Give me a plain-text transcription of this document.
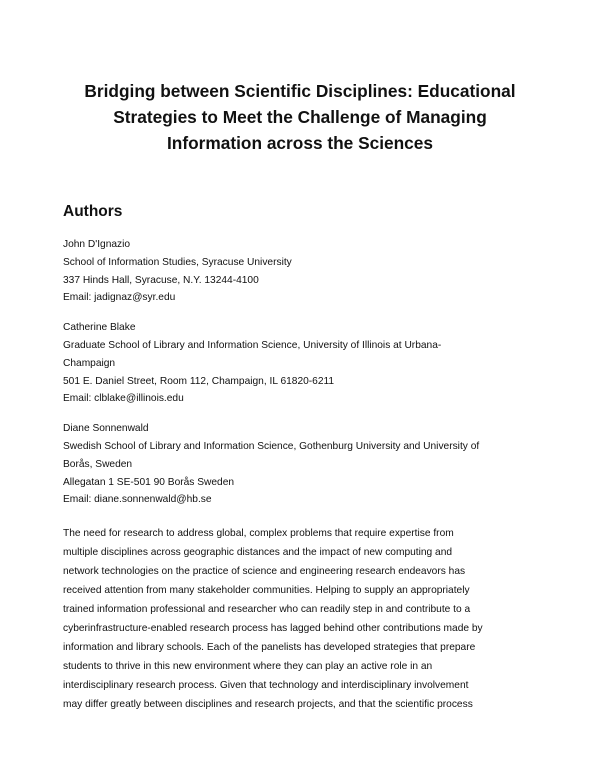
Bridging between Scientific Disciplines: Educational
Strategies to Meet the Challenge of Managing
Information across the Sciences
Authors
John D'Ignazio
School of Information Studies, Syracuse University
337 Hinds Hall, Syracuse, N.Y. 13244-4100
Email: jadignaz@syr.edu
Catherine Blake
Graduate School of Library and Information Science, University of Illinois at Urbana-
Champaign
501 E. Daniel Street, Room 112, Champaign, IL 61820-6211
Email: clblake@illinois.edu
Diane Sonnenwald
Swedish School of Library and Information Science, Gothenburg University and University of
Borås, Sweden
Allegatan 1 SE-501 90 Borås Sweden
Email: diane.sonnenwald@hb.se
The need for research to address global, complex problems that require expertise from
multiple disciplines across geographic distances and the impact of new computing and
network technologies on the practice of science and engineering research endeavors has
received attention from many stakeholder communities. Helping to supply an appropriately
trained information professional and researcher who can readily step in and contribute to a
cyberinfrastructure-enabled research process has lagged behind other contributions made by
information and library schools. Each of the panelists has developed strategies that prepare
students to thrive in this new environment where they can play an active role in an
interdisciplinary research process. Given that technology and interdisciplinary involvement
may differ greatly between disciplines and research projects, and that the scientific process
